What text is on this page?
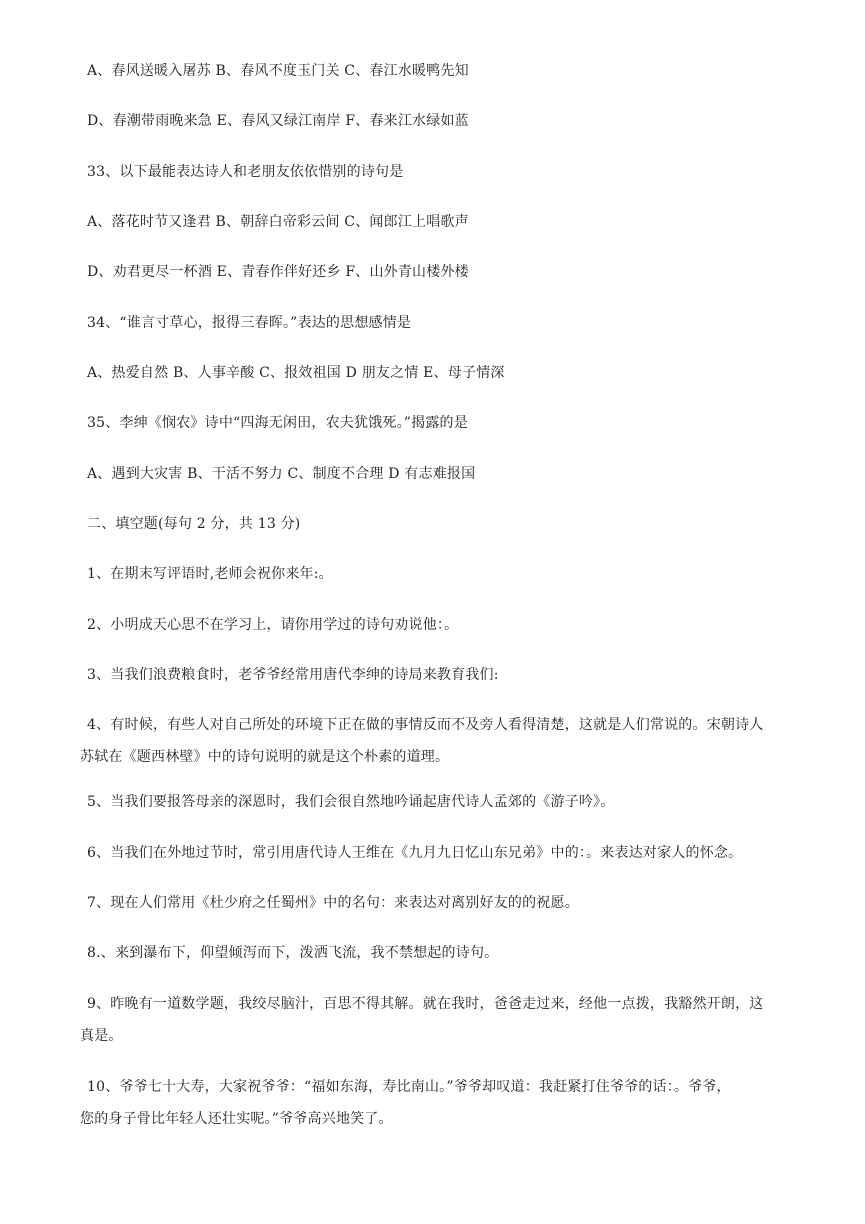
A、春风送暖入屠苏 B、春风不度玉门关 C、春江水暖鸭先知
D、春潮带雨晚来急 E、春风又绿江南岸 F、春来江水绿如蓝
33、以下最能表达诗人和老朋友依依惜别的诗句是
A、落花时节又逢君 B、朝辞白帝彩云间 C、闻郎江上唱歌声
D、劝君更尽一杯酒 E、青春作伴好还乡 F、山外青山楼外楼
34、“谁言寸草心，报得三春晖。”表达的思想感情是
A、热爱自然 B、人事辛酸 C、报效祖国 D 朋友之情 E、母子情深
35、李绅《悯农》诗中“四海无闲田，农夫犹饿死。”揭露的是
A、遇到大灾害 B、干活不努力 C、制度不合理 D 有志难报国
二、填空题(每句 2 分，共 13 分)
1、在期末写评语时,老师会祝你来年:。
2、小明成天心思不在学习上，请你用学过的诗句劝说他：。
3、当我们浪费粮食时，老爷爷经常用唐代李绅的诗局来教育我们:
4、有时候，有些人对自己所处的环境下正在做的事情反而不及旁人看得清楚，这就是人们常说的。宋朝诗人
苏轼在《题西林壁》中的诗句说明的就是这个朴素的道理。
5、当我们要报答母亲的深恩时，我们会很自然地吟诵起唐代诗人孟郊的《游子吟》。
6、当我们在外地过节时，常引用唐代诗人王维在《九月九日忆山东兄弟》中的：。来表达对家人的怀念。
7、现在人们常用《杜少府之任蜀州》中的名句：来表达对离别好友的的祝愿。
8.、来到瀑布下，仰望倾泻而下，泼洒飞流，我不禁想起的诗句。
9、昨晚有一道数学题，我绞尽脑汁，百思不得其解。就在我时，爸爸走过来，经他一点拨，我豁然开朗，这
真是。
10、爷爷七十大寿，大家祝爷爷：“福如东海，寿比南山。”爷爷却叹道：我赶紧打住爷爷的话：。爷爷，
您的身子骨比年轻人还壮实呢。”爷爷高兴地笑了。
